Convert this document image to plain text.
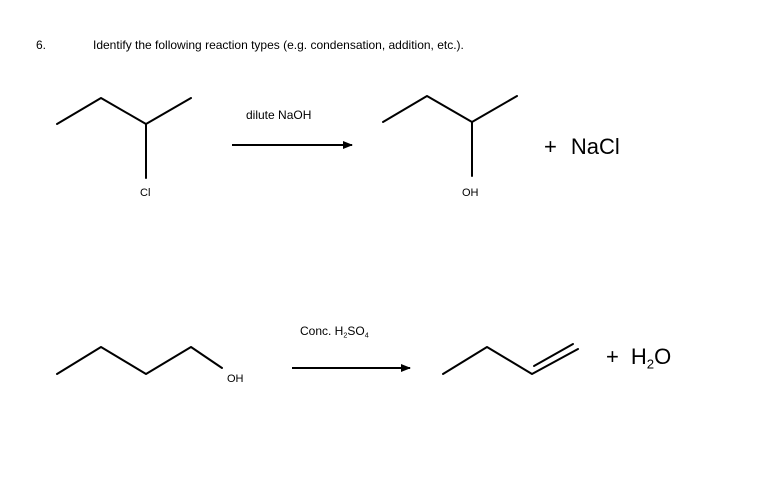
6.	Identify the following reaction types (e.g. condensation, addition, etc.).
dilute NaOH
Cl	OH
+ NaCl
Conc. $H_2SO_4$
OH
+ $H_2O$
